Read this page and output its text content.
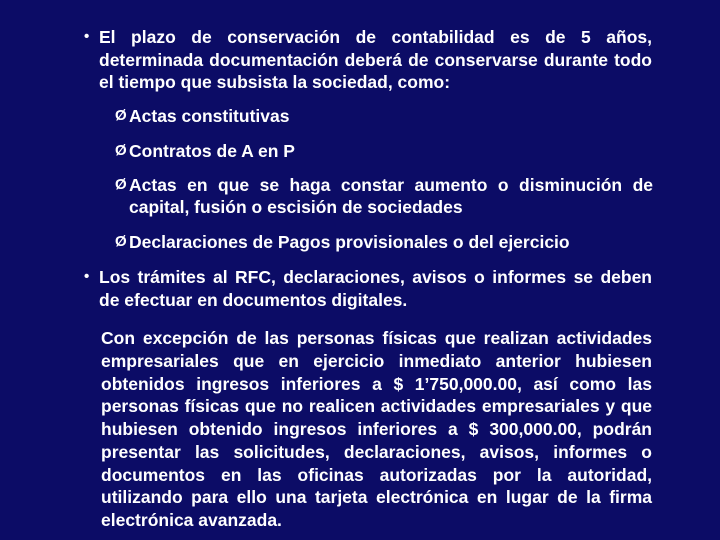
• El plazo de conservación de contabilidad es de 5 años, determinada documentación deberá de conservarse durante todo el tiempo que subsista la sociedad, como:
Ø Actas constitutivas
Ø Contratos de A en P
Ø Actas en que se haga constar aumento o disminución de capital, fusión o escisión de sociedades
Ø Declaraciones de Pagos provisionales o del ejercicio
• Los trámites al RFC, declaraciones, avisos o informes se deben de efectuar en documentos digitales.
Con excepción de las personas físicas que realizan actividades empresariales que en ejercicio inmediato anterior hubiesen obtenidos ingresos inferiores a $ 1’750,000.00, así como las personas físicas que no realicen actividades empresariales y que hubiesen obtenido ingresos inferiores a $ 300,000.00, podrán presentar las solicitudes, declaraciones, avisos, informes o documentos en las oficinas autorizadas por la autoridad, utilizando para ello una tarjeta electrónica en lugar de la firma electrónica avanzada.
